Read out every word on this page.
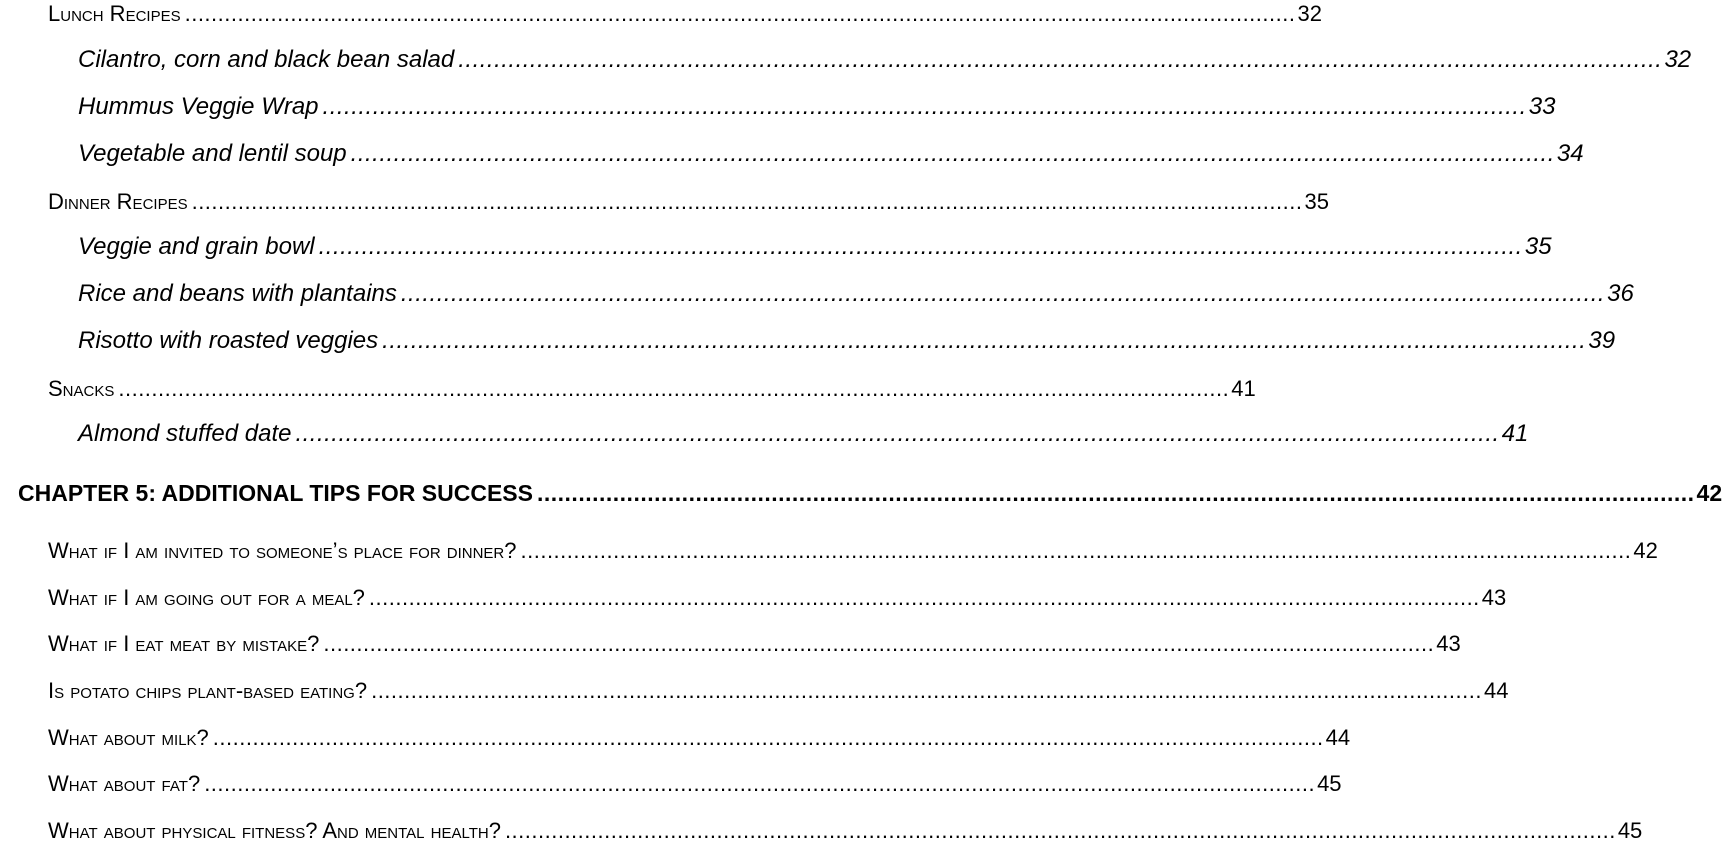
Lunch Recipes ........................................................................................................................................................................ 32
Cilantro, corn and black bean salad ........................................................................................................................................................................ 32
Hummus Veggie Wrap ........................................................................................................................................................................ 33
Vegetable and lentil soup ........................................................................................................................................................................ 34
Dinner Recipes ........................................................................................................................................................................ 35
Veggie and grain bowl ........................................................................................................................................................................ 35
Rice and beans with plantains ........................................................................................................................................................................ 36
Risotto with roasted veggies ........................................................................................................................................................................ 39
Snacks ........................................................................................................................................................................ 41
Almond stuffed date ........................................................................................................................................................................ 41
CHAPTER 5: ADDITIONAL TIPS FOR SUCCESS ........................................................................................................................................................................ 42
What if I am invited to someone’s place for dinner? ........................................................................................................................................................................ 42
What if I am going out for a meal? ........................................................................................................................................................................ 43
What if I eat meat by mistake? ........................................................................................................................................................................ 43
Is potato chips plant-based eating? ........................................................................................................................................................................ 44
What about milk? ........................................................................................................................................................................ 44
What about fat? ........................................................................................................................................................................ 45
What about physical fitness? And mental health? ........................................................................................................................................................................ 45
